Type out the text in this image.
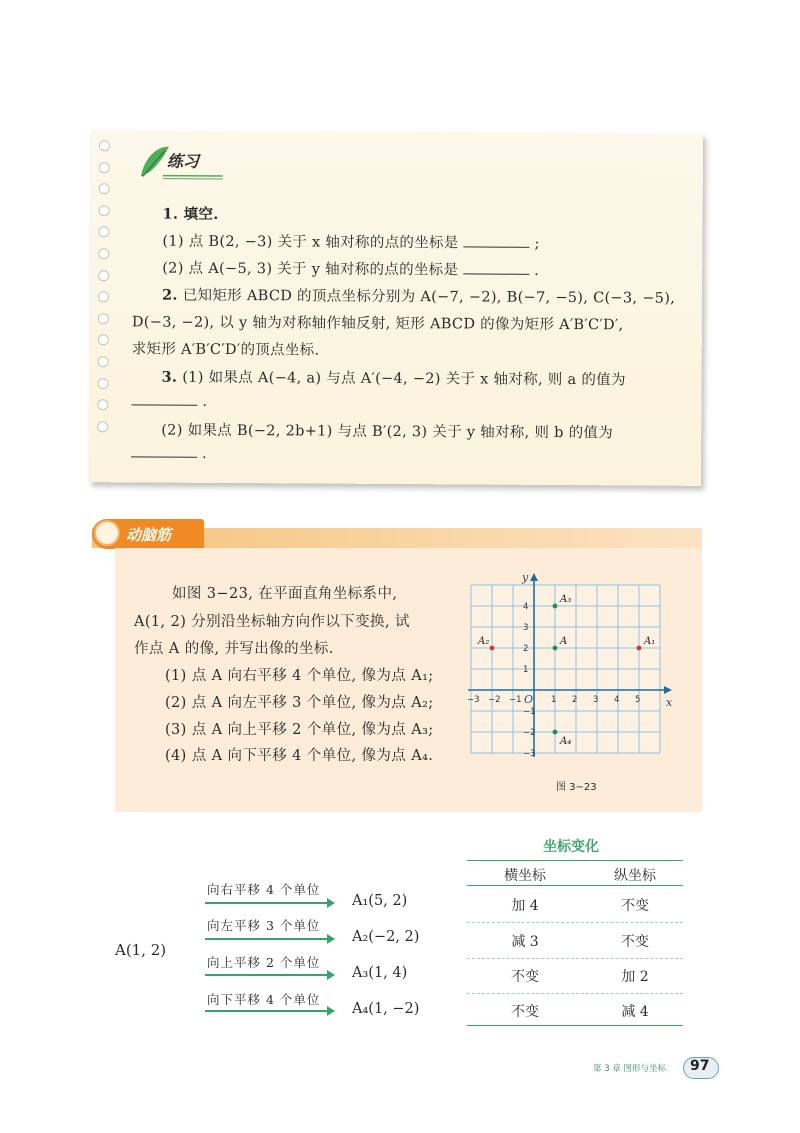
练习
1. 填空.
(1) 点 B(2, −3) 关于 x 轴对称的点的坐标是	;
(2) 点 A(−5, 3) 关于 y 轴对称的点的坐标是	.
2. 已知矩形 ABCD 的顶点坐标分别为 A(−7, −2), B(−7, −5), C(−3, −5),
D(−3, −2), 以 y 轴为对称轴作轴反射, 矩形 ABCD 的像为矩形 A′B′C′D′,
求矩形 A′B′C′D′的顶点坐标.
3. (1) 如果点 A(−4, a) 与点 A′(−4, −2) 关于 x 轴对称, 则 a 的值为
.
(2) 如果点 B(−2, 2b+1) 与点 B′(2, 3) 关于 y 轴对称, 则 b 的值为
.
动脑筋
如图 3−23, 在平面直角坐标系中,
A(1, 2) 分别沿坐标轴方向作以下变换, 试
作点 A 的像, 并写出像的坐标.
(1) 点 A 向右平移 4 个单位, 像为点 A₁;
(2) 点 A 向左平移 3 个单位, 像为点 A₂;
(3) 点 A 向上平移 2 个单位, 像为点 A₃;
(4) 点 A 向下平移 4 个单位, 像为点 A₄.
x
y
O
−3 −2 −1	1 2 3 4 5
4
3
2
1
−1
−2
−3
A	A₁
A₂
A₃
A₄
图 3−23
坐标变化
横坐标	纵坐标
A(1, 2)
向右平移 4 个单位
A₁(5, 2)	加 4	不变
向左平移 3 个单位
A₂(−2, 2)	减 3	不变
向上平移 2 个单位
A₃(1, 4)	不变	加 2
向下平移 4 个单位
A₄(1, −2)	不变	减 4
第 3 章 图形与坐标 97
